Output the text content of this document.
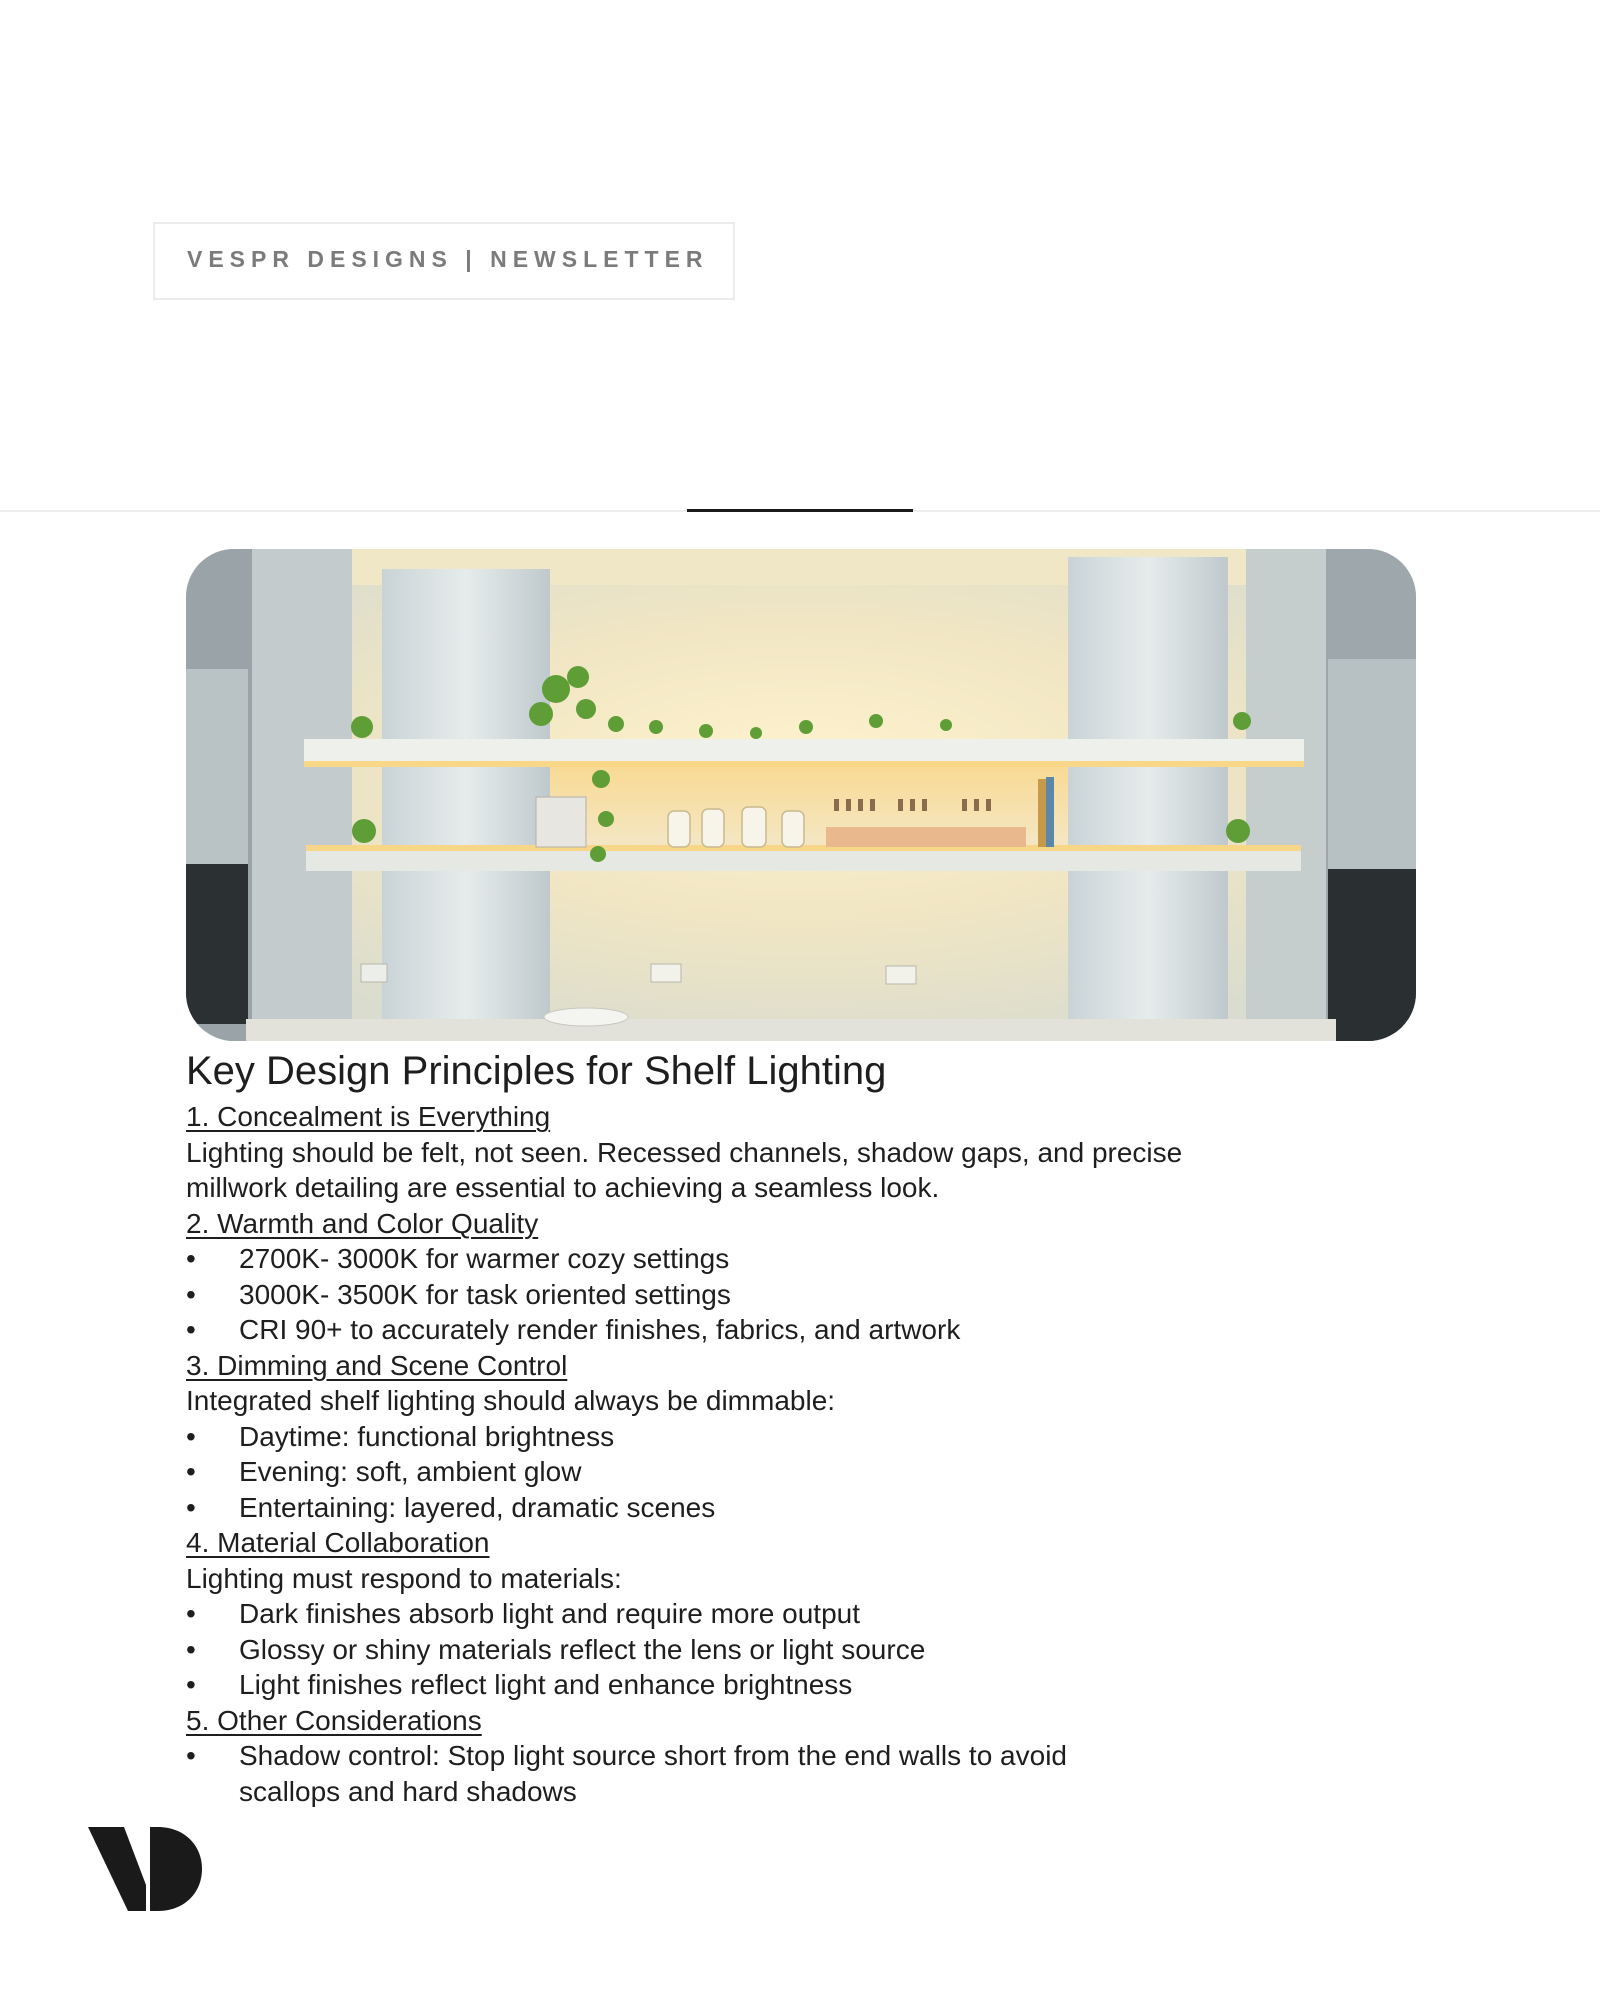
VESPR DESIGNS | NEWSLETTER
Key Design Principles for Shelf Lighting
1. Concealment is Everything
Lighting should be felt, not seen. Recessed channels, shadow gaps, and precise
millwork detailing are essential to achieving a seamless look.
2. Warmth and Color Quality
• 2700K- 3000K for warmer cozy settings
• 3000K- 3500K for task oriented settings
• CRI 90+ to accurately render finishes, fabrics, and artwork
3. Dimming and Scene Control
Integrated shelf lighting should always be dimmable:
• Daytime: functional brightness
• Evening: soft, ambient glow
• Entertaining: layered, dramatic scenes
4. Material Collaboration
Lighting must respond to materials:
• Dark finishes absorb light and require more output
• Glossy or shiny materials reflect the lens or light source
• Light finishes reflect light and enhance brightness
5. Other Considerations
• Shadow control: Stop light source short from the end walls to avoid scallops and hard shadows
